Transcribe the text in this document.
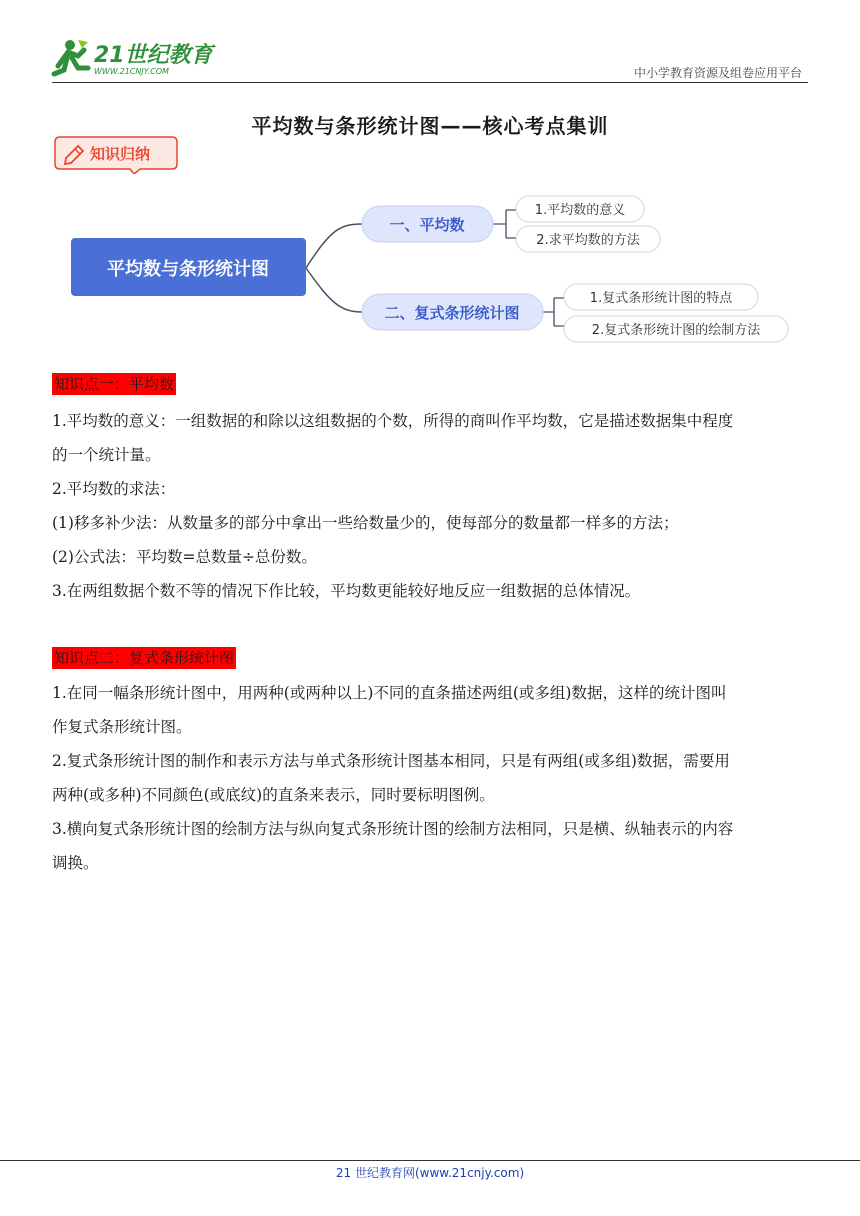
21世纪教育
WWW.21CNJY.COM	中小学教育资源及组卷应用平台
平均数与条形统计图——核心考点集训
知识归纳
平均数与条形统计图
一、平均数
1.平均数的意义
2.求平均数的方法
二、复式条形统计图
1.复式条形统计图的特点
2.复式条形统计图的绘制方法
知识点一：平均数
1.平均数的意义：一组数据的和除以这组数据的个数，所得的商叫作平均数，它是描述数据集中程度
的一个统计量。
2.平均数的求法：
(1)移多补少法：从数量多的部分中拿出一些给数量少的，使每部分的数量都一样多的方法；
(2)公式法：平均数=总数量÷总份数。
3.在两组数据个数不等的情况下作比较，平均数更能较好地反应一组数据的总体情况。
知识点二：复式条形统计图
1.在同一幅条形统计图中，用两种(或两种以上)不同的直条描述两组(或多组)数据，这样的统计图叫
作复式条形统计图。
2.复式条形统计图的制作和表示方法与单式条形统计图基本相同，只是有两组(或多组)数据，需要用
两种(或多种)不同颜色(或底纹)的直条来表示，同时要标明图例。
3.横向复式条形统计图的绘制方法与纵向复式条形统计图的绘制方法相同，只是横、纵轴表示的内容
调换。
21 世纪教育网(www.21cnjy.com)
